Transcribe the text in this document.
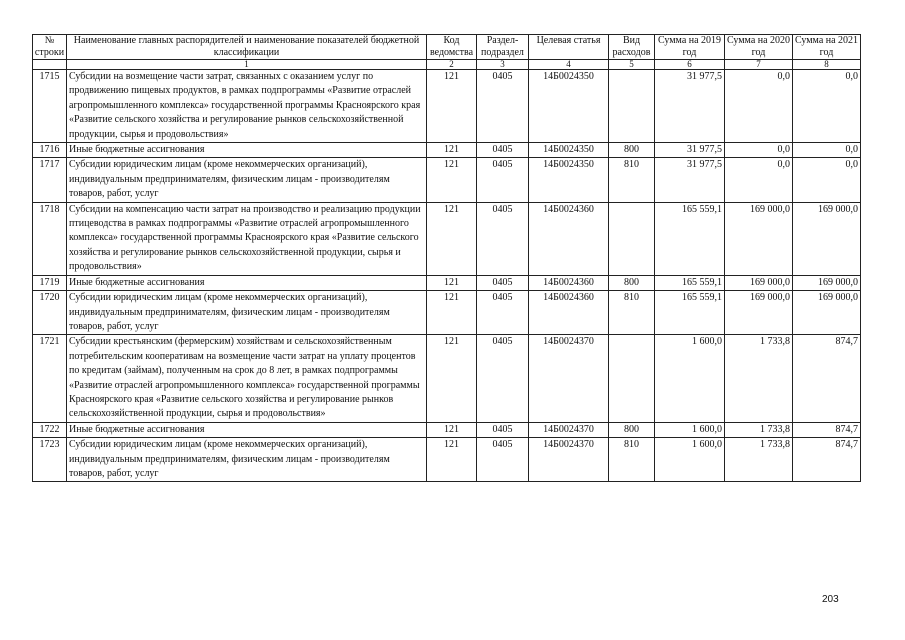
№ строки	Наименование главных распорядителей и наименование показателей бюджетной классификации	Код ведомства	Раздел- подраздел	Целевая статья	Вид расходов	Сумма на 2019 год	Сумма на 2020 год	Сумма на 2021 год
	1	2	3	4	5	6	7	8
1715	Субсидии на возмещение части затрат, связанных с оказанием услуг по продвижению пищевых продуктов, в рамках подпрограммы «Развитие отраслей агропромышленного комплекса» государственной программы Красноярского края «Развитие сельского хозяйства и регулирование рынков сельскохозяйственной продукции, сырья и продовольствия»	121	0405	14Б0024350		31 977,5	0,0	0,0
1716	Иные бюджетные ассигнования	121	0405	14Б0024350	800	31 977,5	0,0	0,0
1717	Субсидии юридическим лицам (кроме некоммерческих организаций), индивидуальным предпринимателям, физическим лицам - производителям товаров, работ, услуг	121	0405	14Б0024350	810	31 977,5	0,0	0,0
1718	Субсидии на компенсацию части затрат на производство и реализацию продукции птицеводства в рамках подпрограммы «Развитие отраслей агропромышленного комплекса» государственной программы Красноярского края «Развитие сельского хозяйства и регулирование рынков сельскохозяйственной продукции, сырья и продовольствия»	121	0405	14Б0024360		165 559,1	169 000,0	169 000,0
1719	Иные бюджетные ассигнования	121	0405	14Б0024360	800	165 559,1	169 000,0	169 000,0
1720	Субсидии юридическим лицам (кроме некоммерческих организаций), индивидуальным предпринимателям, физическим лицам - производителям товаров, работ, услуг	121	0405	14Б0024360	810	165 559,1	169 000,0	169 000,0
1721	Субсидии крестьянским (фермерским) хозяйствам и сельскохозяйственным потребительским кооперативам на возмещение части затрат на уплату процентов по кредитам (займам), полученным на срок до 8 лет, в рамках подпрограммы «Развитие отраслей агропромышленного комплекса» государственной программы Красноярского края «Развитие сельского хозяйства и регулирование рынков сельскохозяйственной продукции, сырья и продовольствия»	121	0405	14Б0024370		1 600,0	1 733,8	874,7
1722	Иные бюджетные ассигнования	121	0405	14Б0024370	800	1 600,0	1 733,8	874,7
1723	Субсидии юридическим лицам (кроме некоммерческих организаций), индивидуальным предпринимателям, физическим лицам - производителям товаров, работ, услуг	121	0405	14Б0024370	810	1 600,0	1 733,8	874,7
203
